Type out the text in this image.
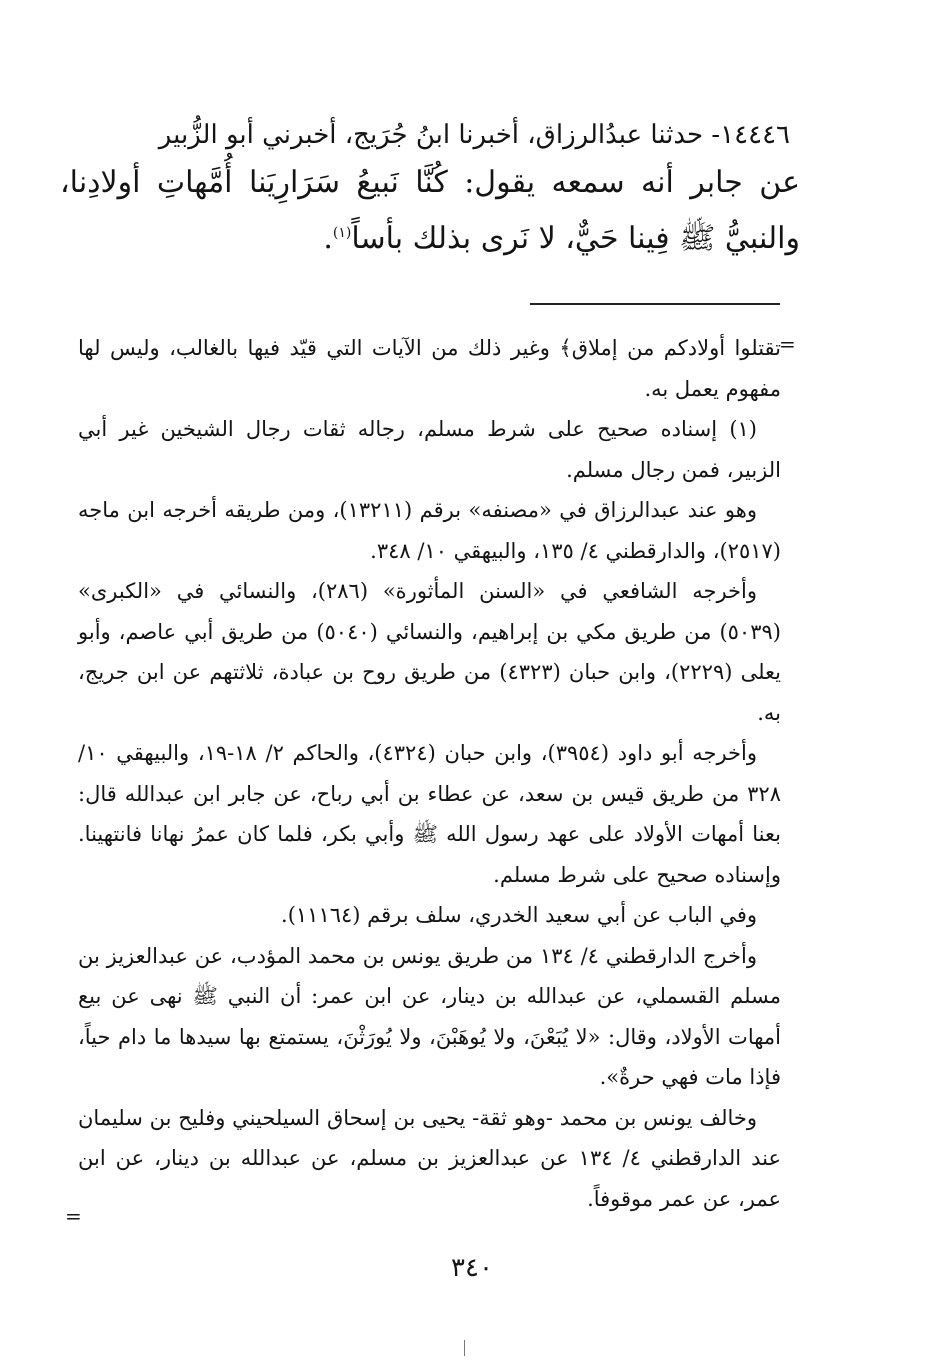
١٤٤٤٦- حدثنا عبدُالرزاق، أخبرنا ابنُ جُرَيج، أخبرني أبو الزُّبير
عن جابر أنه سمعه يقول: كُنَّا نَبيعُ سَرَارِيَنا أُمَّهاتِ أولادِنا،
والنبيُّ ﷺ فِينا حَيٌّ، لا نَرى بذلك بأساً$^{(١)}$.
=

تقتلوا أولادكم من إملاق﴾ وغير ذلك من الآيات التي قيّد فيها بالغالب، وليس لها مفهوم يعمل به.

(١) إسناده صحيح على شرط مسلم، رجاله ثقات رجال الشيخين غير أبي الزبير، فمن رجال مسلم.

وهو عند عبدالرزاق في «مصنفه» برقم (١٣٢١١)، ومن طريقه أخرجه ابن ماجه (٢٥١٧)، والدارقطني ٤/ ١٣٥، والبيهقي ١٠/ ٣٤٨.

وأخرجه الشافعي في «السنن المأثورة» (٢٨٦)، والنسائي في «الكبرى» (٥٠٣٩) من طريق مكي بن إبراهيم، والنسائي (٥٠٤٠) من طريق أبي عاصم، وأبو يعلى (٢٢٢٩)، وابن حبان (٤٣٢٣) من طريق روح بن عبادة، ثلاثتهم عن ابن جريج، به.

وأخرجه أبو داود (٣٩٥٤)، وابن حبان (٤٣٢٤)، والحاكم ٢/ ١٨-١٩، والبيهقي ١٠/ ٣٢٨ من طريق قيس بن سعد، عن عطاء بن أبي رباح، عن جابر ابن عبدالله قال: بعنا أمهات الأولاد على عهد رسول الله ﷺ وأبي بكر، فلما كان عمرُ نهانا فانتهينا. وإسناده صحيح على شرط مسلم.

وفي الباب عن أبي سعيد الخدري، سلف برقم (١١١٦٤).

وأخرج الدارقطني ٤/ ١٣٤ من طريق يونس بن محمد المؤدب، عن عبدالعزيز بن مسلم القسملي، عن عبدالله بن دينار، عن ابن عمر: أن النبي ﷺ نهى عن بيع أمهات الأولاد، وقال: «لا يُبَعْنَ، ولا يُوهَبْنَ، ولا يُورَثْنَ، يستمتع بها سيدها ما دام حياً، فإذا مات فهي حرةٌ».

وخالف يونس بن محمد -وهو ثقة- يحيى بن إسحاق السيلحيني وفليح بن سليمان عند الدارقطني ٤/ ١٣٤ عن عبدالعزيز بن مسلم، عن عبدالله بن دينار، عن ابن عمر، عن عمر موقوفاً.

=
٣٤٠
